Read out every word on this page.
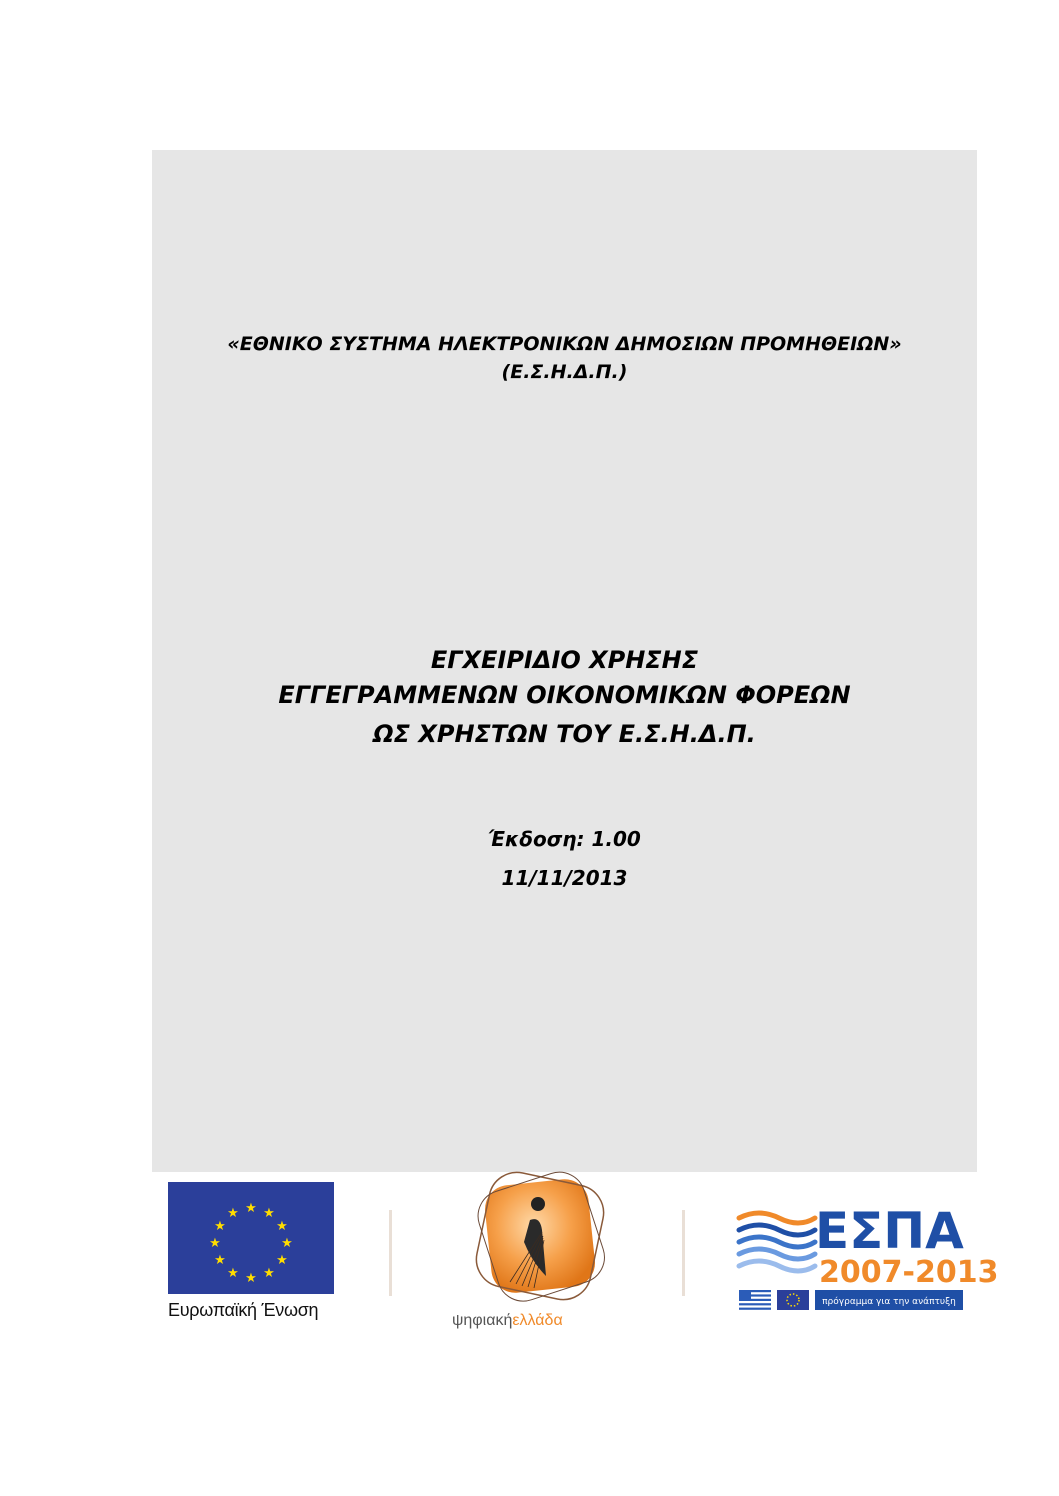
«ΕΘΝΙΚΟ ΣΥΣΤΗΜΑ ΗΛΕΚΤΡΟΝΙΚΩΝ ΔΗΜΟΣΙΩΝ ΠΡΟΜΗΘΕΙΩΝ»
(Ε.Σ.Η.Δ.Π.)
ΕΓΧΕΙΡΙΔΙΟ ΧΡΗΣΗΣ
ΕΓΓΕΓΡΑΜΜΕΝΩΝ ΟΙΚΟΝΟΜΙΚΩΝ ΦΟΡΕΩΝ
ΩΣ ΧΡΗΣΤΩΝ ΤΟΥ Ε.Σ.Η.Δ.Π.
Έκδοση: 1.00
11/11/2013
★ ★
★
★
★
★
★
★
★
★
★
★
Ευρωπαϊκή Ένωση
ψηφιακήελλάδα
ΕΣΠΑ
2007-2013
πρόγραμμα για την ανάπτυξη
